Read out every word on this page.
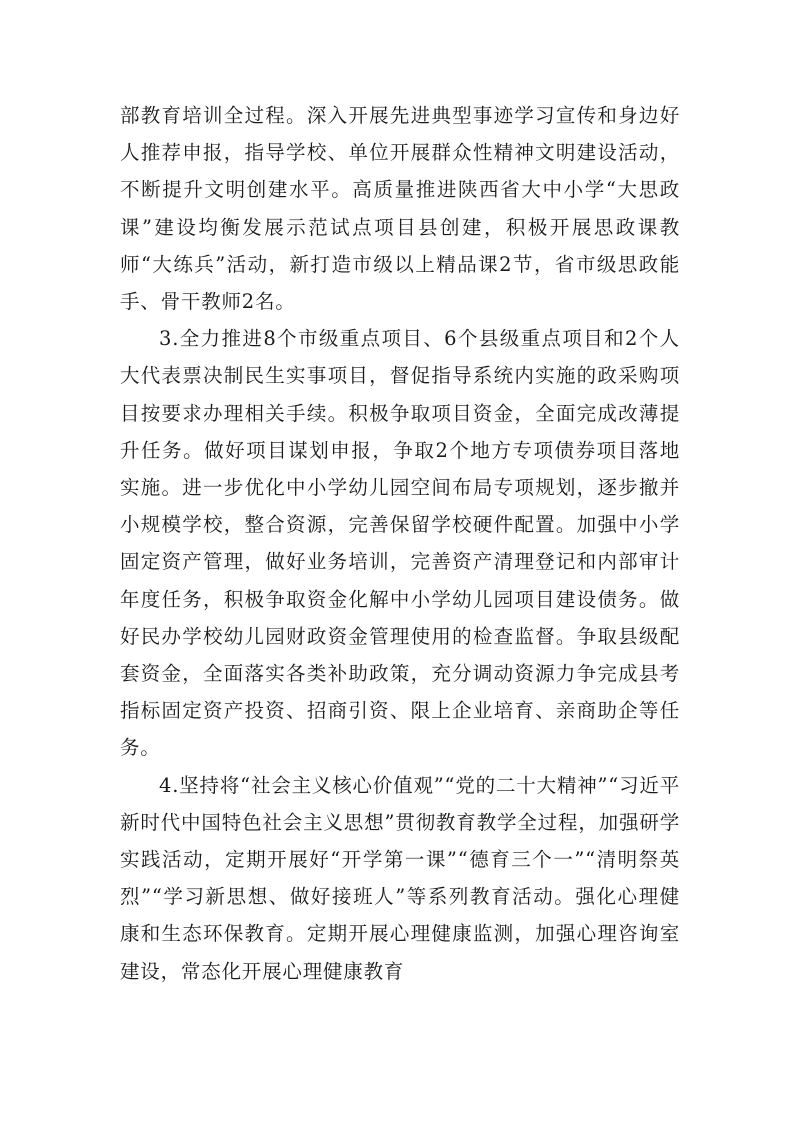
部教育培训全过程。深入开展先进典型事迹学习宣传和身边好人推荐申报，指导学校、单位开展群众性精神文明建设活动，不断提升文明创建水平。高质量推进陕西省大中小学“大思政课”建设均衡发展示范试点项目县创建，积极开展思政课教师“大练兵”活动，新打造市级以上精品课2节，省市级思政能手、骨干教师2名。

3.全力推进8个市级重点项目、6个县级重点项目和2个人大代表票决制民生实事项目，督促指导系统内实施的政采购项目按要求办理相关手续。积极争取项目资金，全面完成改薄提升任务。做好项目谋划申报，争取2个地方专项债券项目落地实施。进一步优化中小学幼儿园空间布局专项规划，逐步撤并小规模学校，整合资源，完善保留学校硬件配置。加强中小学固定资产管理，做好业务培训，完善资产清理登记和内部审计年度任务，积极争取资金化解中小学幼儿园项目建设债务。做好民办学校幼儿园财政资金管理使用的检查监督。争取县级配套资金，全面落实各类补助政策，充分调动资源力争完成县考指标固定资产投资、招商引资、限上企业培育、亲商助企等任务。

4.坚持将“社会主义核心价值观”“党的二十大精神”“习近平新时代中国特色社会主义思想”贯彻教育教学全过程，加强研学实践活动，定期开展好“开学第一课”“德育三个一”“清明祭英烈”“学习新思想、做好接班人”等系列教育活动。强化心理健康和生态环保教育。定期开展心理健康监测，加强心理咨询室建设，常态化开展心理健康教育
